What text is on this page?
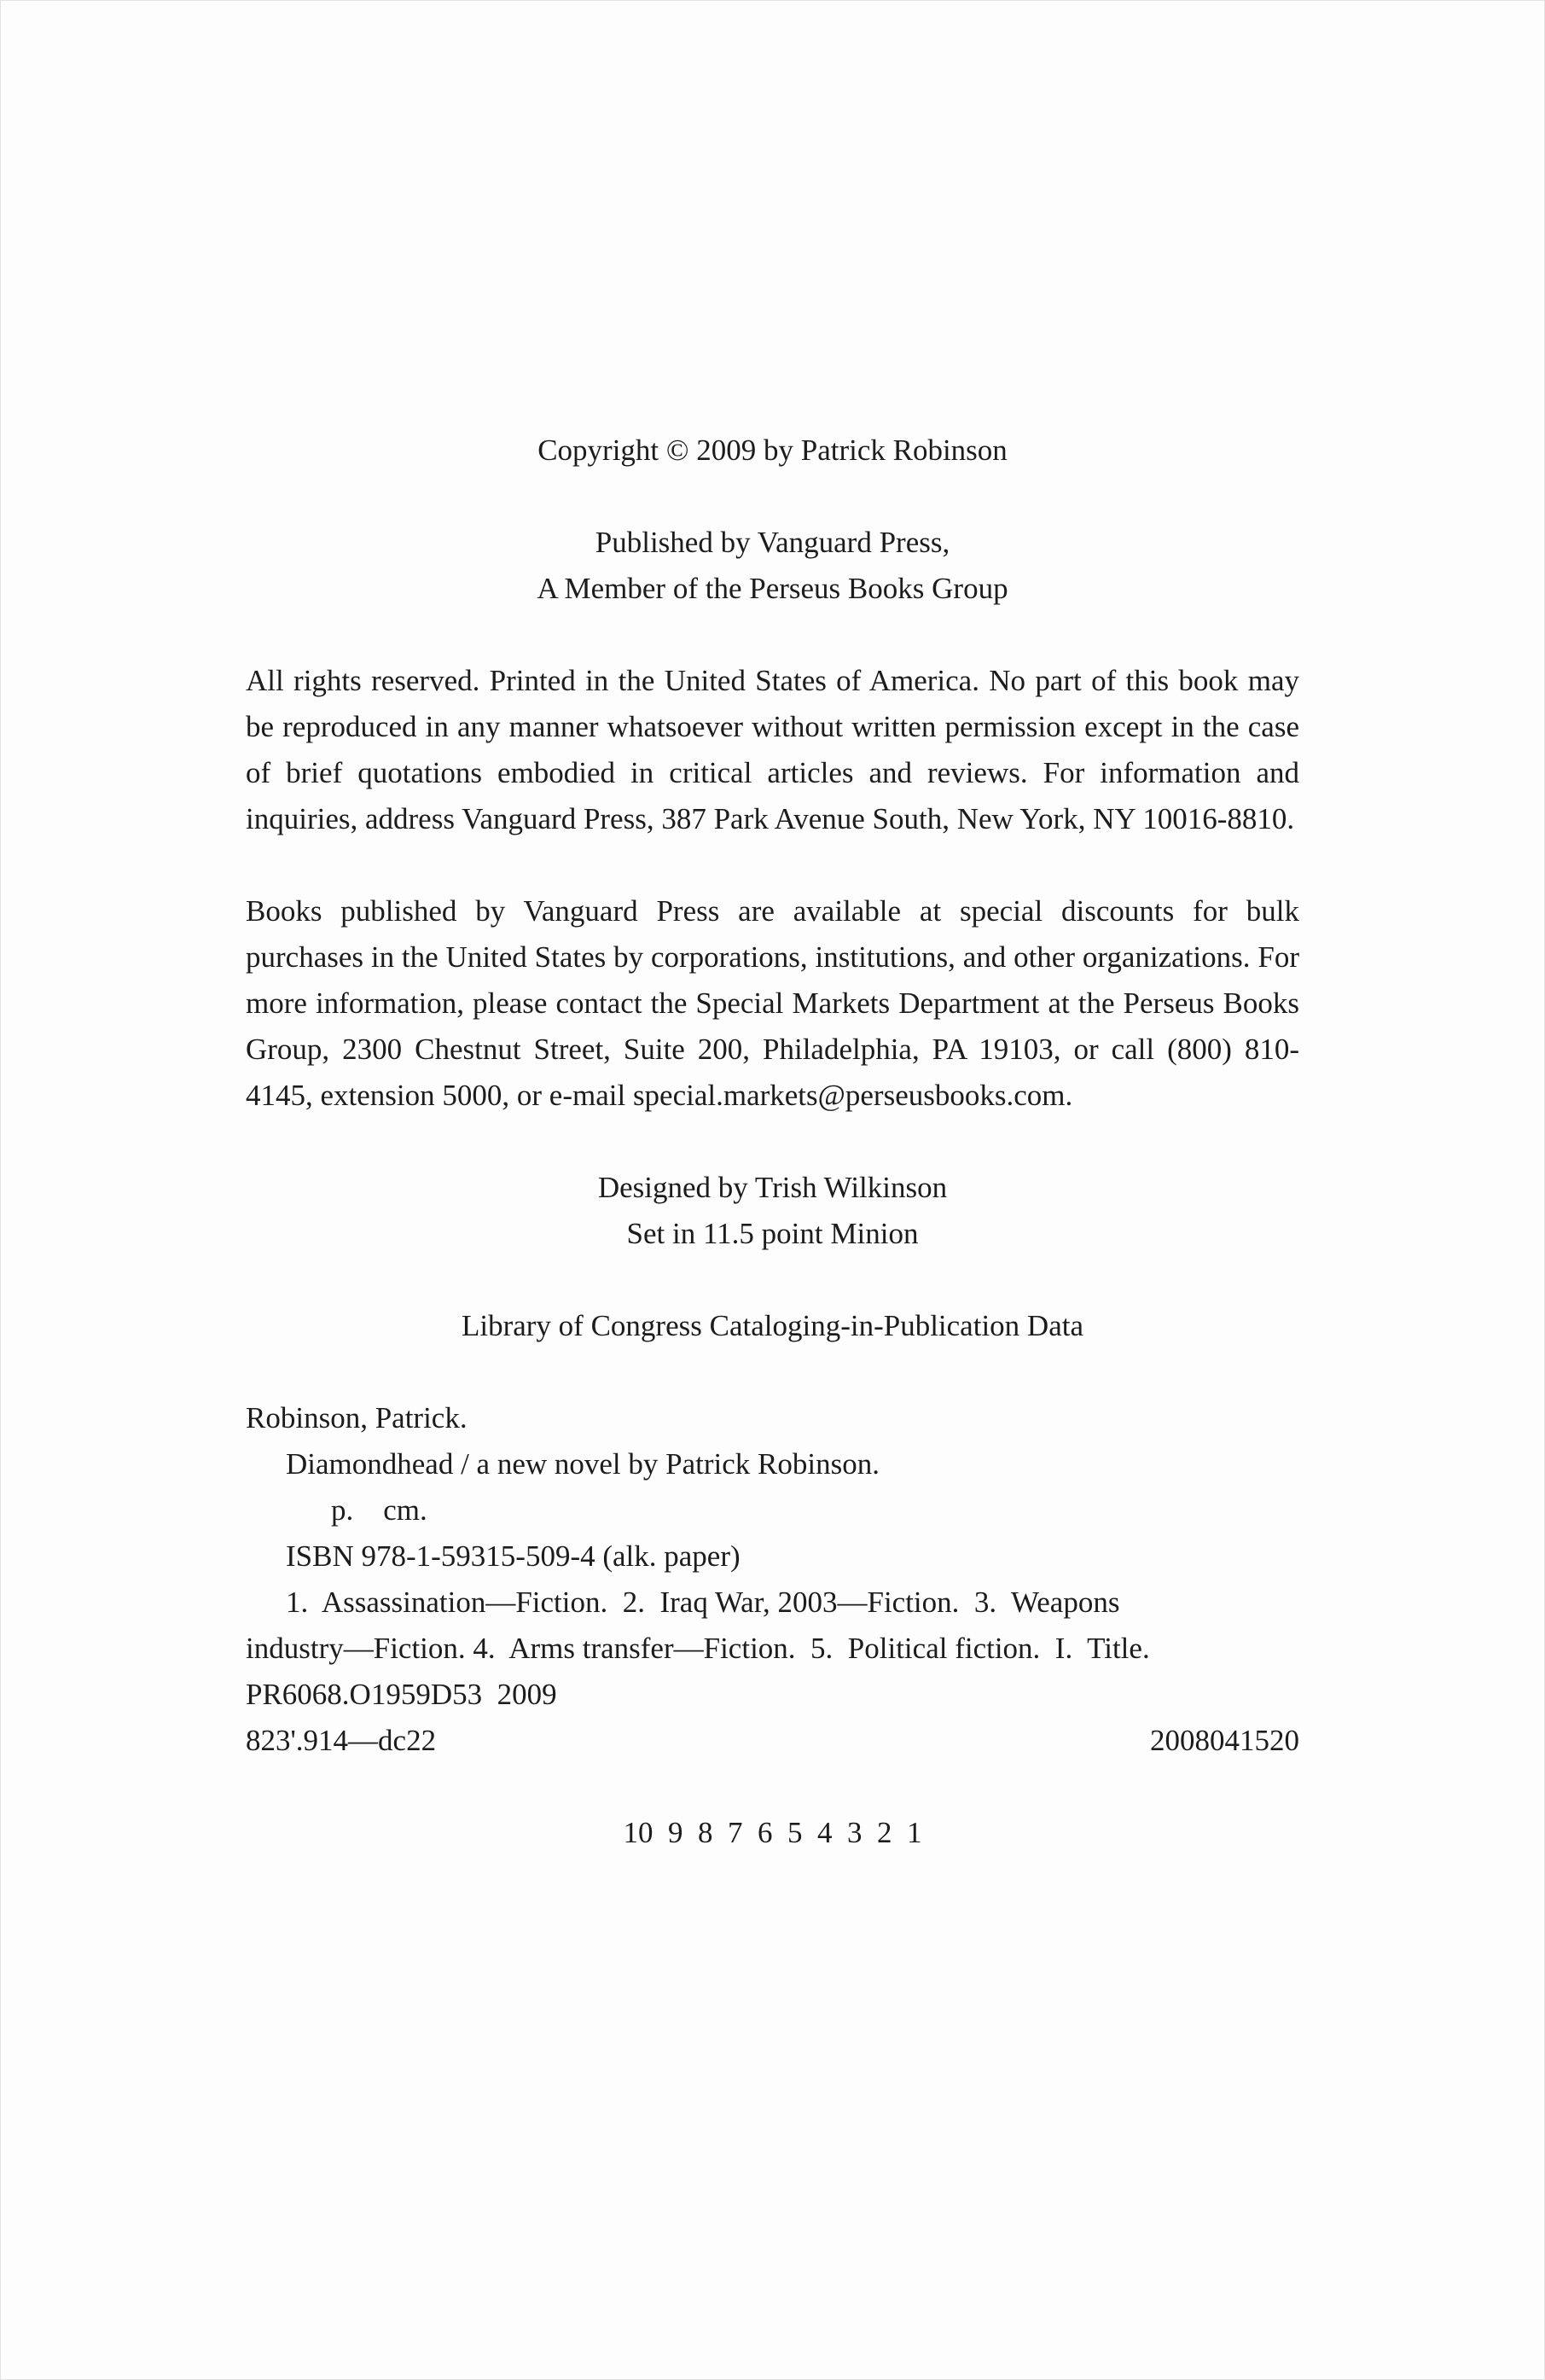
Copyright © 2009 by Patrick Robinson
Published by Vanguard Press,
A Member of the Perseus Books Group

All rights reserved. Printed in the United States of America. No part of this book may be reproduced in any manner whatsoever without written permission except in the case of brief quotations embodied in critical articles and reviews. For information and inquiries, address Vanguard Press, 387 Park Avenue South, New York, NY 10016-8810.

Books published by Vanguard Press are available at special discounts for bulk purchases in the United States by corporations, institutions, and other organizations. For more information, please contact the Special Markets Department at the Perseus Books Group, 2300 Chestnut Street, Suite 200, Philadelphia, PA 19103, or call (800) 810-4145, extension 5000, or e-mail special.markets@perseusbooks.com.

Designed by Trish Wilkinson
Set in 11.5 point Minion
Library of Congress Cataloging-in-Publication Data
Robinson, Patrick.
Diamondhead / a new novel by Patrick Robinson.
p.    cm.
ISBN 978-1-59315-509-4 (alk. paper)
1.  Assassination—Fiction.  2.  Iraq War, 2003—Fiction.  3.  Weapons
industry—Fiction. 4.  Arms transfer—Fiction.  5.  Political fiction.  I.  Title.
PR6068.O1959D53  2009
823'.914—dc22	2008041520
10  9  8  7  6  5  4  3  2  1
